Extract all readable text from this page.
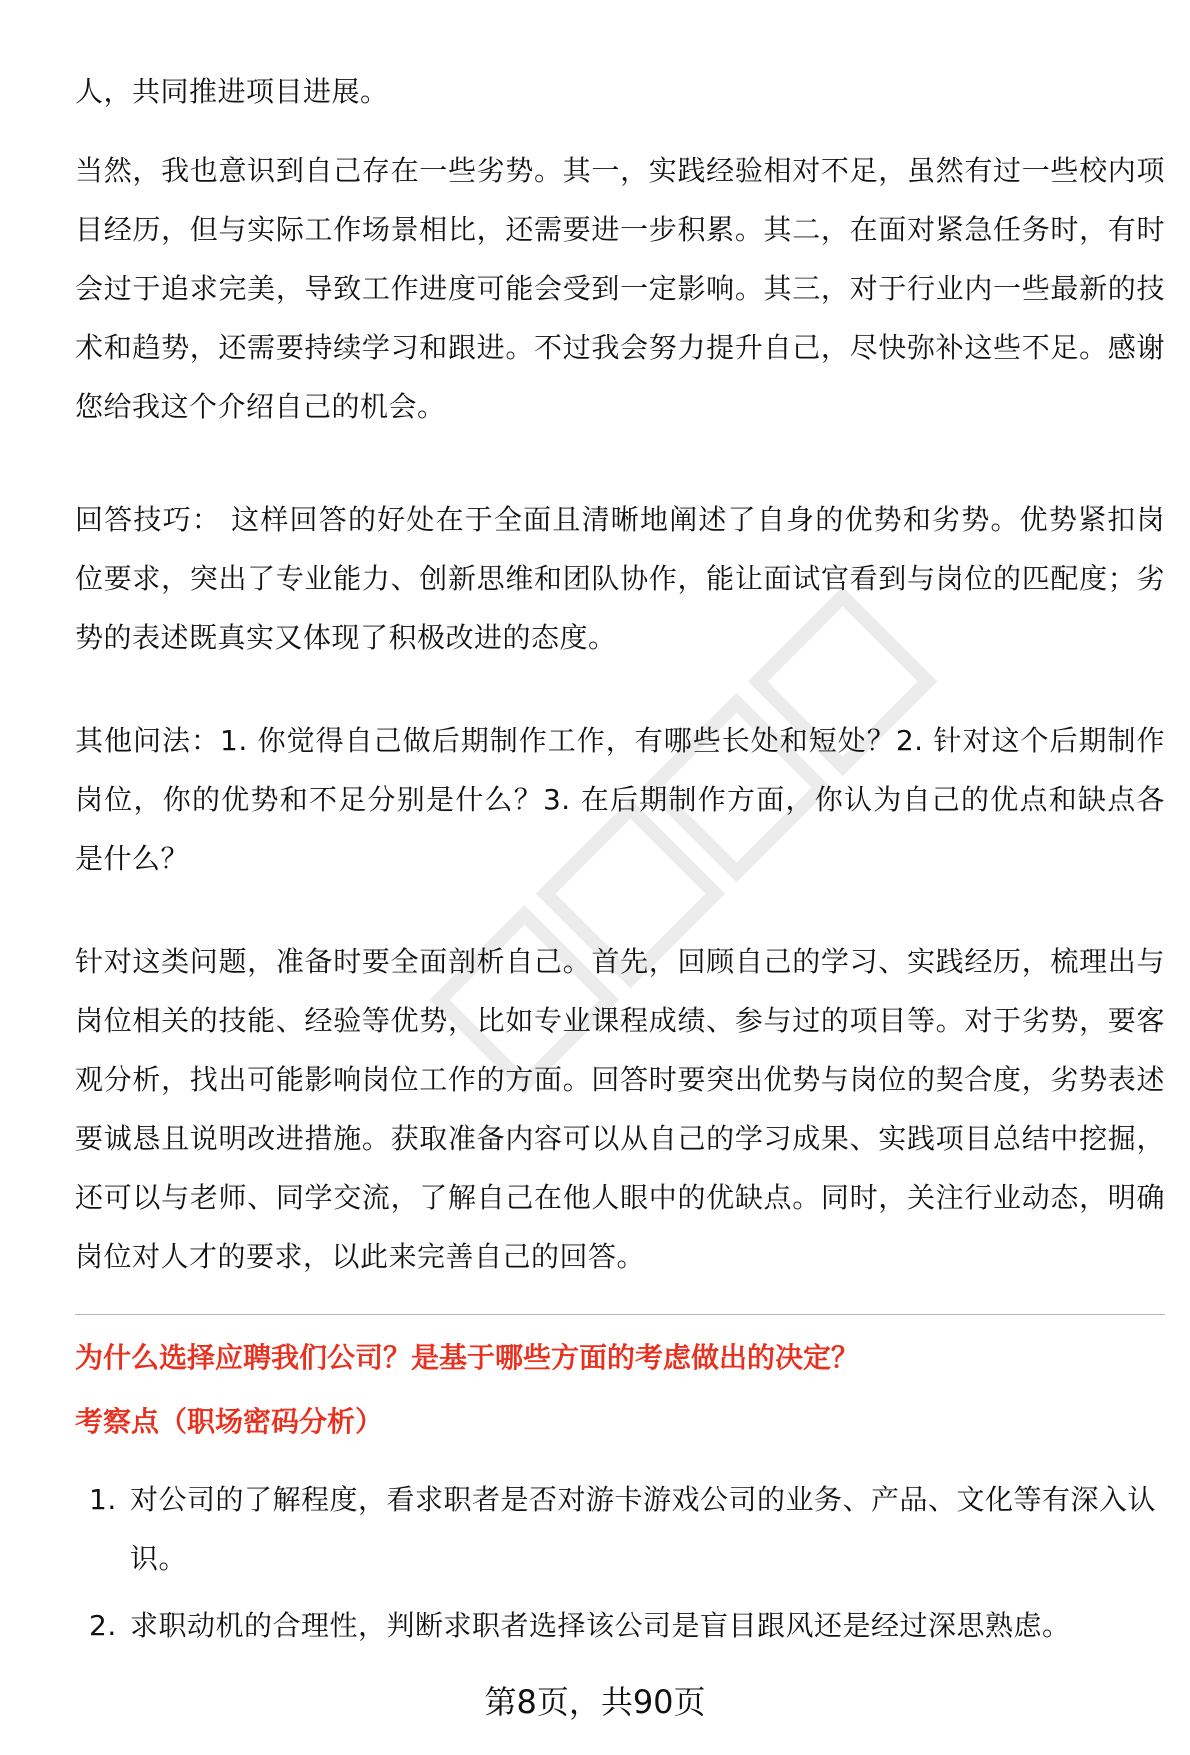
人，共同推进项目进展。

当然，我也意识到自己存在一些劣势。其一，实践经验相对不足，虽然有过一些校内项目经历，但与实际工作场景相比，还需要进一步积累。其二，在面对紧急任务时，有时会过于追求完美，导致工作进度可能会受到一定影响。其三，对于行业内一些最新的技术和趋势，还需要持续学习和跟进。不过我会努力提升自己，尽快弥补这些不足。感谢您给我这个介绍自己的机会。

回答技巧： 这样回答的好处在于全面且清晰地阐述了自身的优势和劣势。优势紧扣岗位要求，突出了专业能力、创新思维和团队协作，能让面试官看到与岗位的匹配度；劣势的表述既真实又体现了积极改进的态度。

其他问法：1. 你觉得自己做后期制作工作，有哪些长处和短处？2. 针对这个后期制作岗位，你的优势和不足分别是什么？3. 在后期制作方面，你认为自己的优点和缺点各是什么？

针对这类问题，准备时要全面剖析自己。首先，回顾自己的学习、实践经历，梳理出与岗位相关的技能、经验等优势，比如专业课程成绩、参与过的项目等。对于劣势，要客观分析，找出可能影响岗位工作的方面。回答时要突出优势与岗位的契合度，劣势表述要诚恳且说明改进措施。获取准备内容可以从自己的学习成果、实践项目总结中挖掘，还可以与老师、同学交流，了解自己在他人眼中的优缺点。同时，关注行业动态，明确岗位对人才的要求，以此来完善自己的回答。

为什么选择应聘我们公司？是基于哪些方面的考虑做出的决定？
考察点（职场密码分析）
1. 对公司的了解程度，看求职者是否对游卡游戏公司的业务、产品、文化等有深入认识。
2. 求职动机的合理性，判断求职者选择该公司是盲目跟风还是经过深思熟虑。
第8页，共90页
